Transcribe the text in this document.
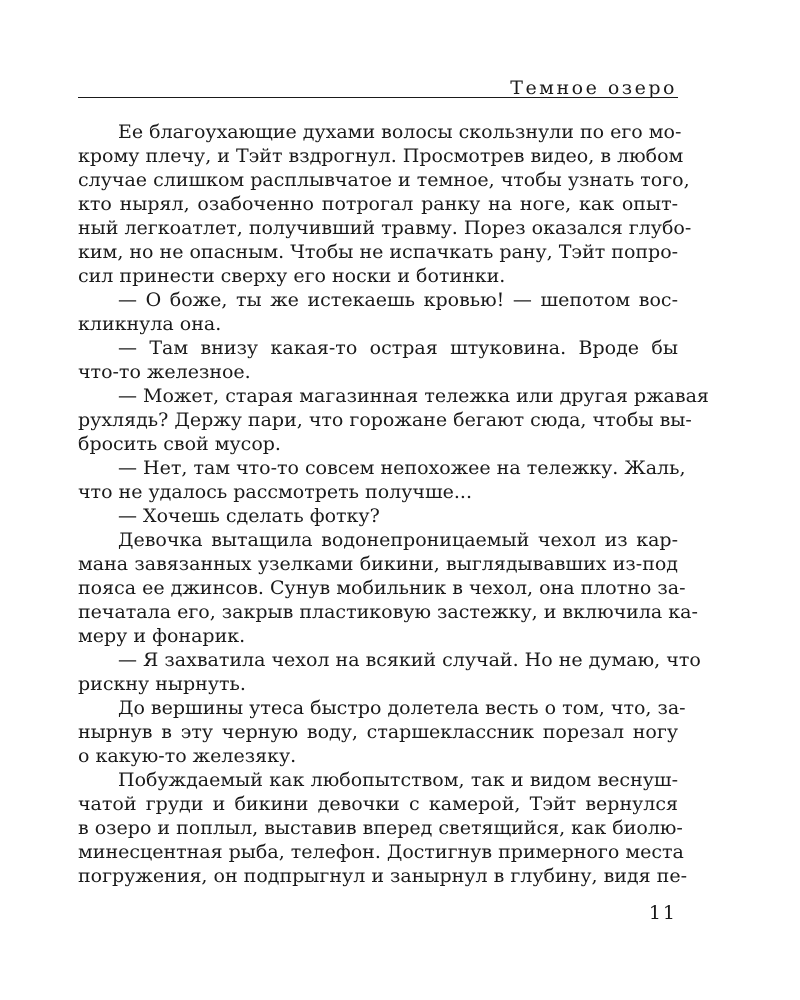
Темное озеро
Ее благоухающие духами волосы скользнули по его мо-
крому плечу, и Тэйт вздрогнул. Просмотрев видео, в любом
случае слишком расплывчатое и темное, чтобы узнать того,
кто нырял, озабоченно потрогал ранку на ноге, как опыт-
ный легкоатлет, получивший травму. Порез оказался глубо-
ким, но не опасным. Чтобы не испачкать рану, Тэйт попро-
сил принести сверху его носки и ботинки.
— О боже, ты же истекаешь кровью! — шепотом вос-
кликнула она.
— Там внизу какая-то острая штуковина. Вроде бы
что-то железное.
— Может, старая магазинная тележка или другая ржавая
рухлядь? Держу пари, что горожане бегают сюда, чтобы вы-
бросить свой мусор.
— Нет, там что-то совсем непохожее на тележку. Жаль,
что не удалось рассмотреть получше...
— Хочешь сделать фотку?
Девочка вытащила водонепроницаемый чехол из кар-
мана завязанных узелками бикини, выглядывавших из-под
пояса ее джинсов. Сунув мобильник в чехол, она плотно за-
печатала его, закрыв пластиковую застежку, и включила ка-
меру и фонарик.
— Я захватила чехол на всякий случай. Но не думаю, что
рискну нырнуть.
До вершины утеса быстро долетела весть о том, что, за-
нырнув в эту черную воду, старшеклассник порезал ногу
о какую-то железяку.
Побуждаемый как любопытством, так и видом веснуш-
чатой груди и бикини девочки с камерой, Тэйт вернулся
в озеро и поплыл, выставив вперед светящийся, как биолю-
минесцентная рыба, телефон. Достигнув примерного места
погружения, он подпрыгнул и занырнул в глубину, видя пе-
11
